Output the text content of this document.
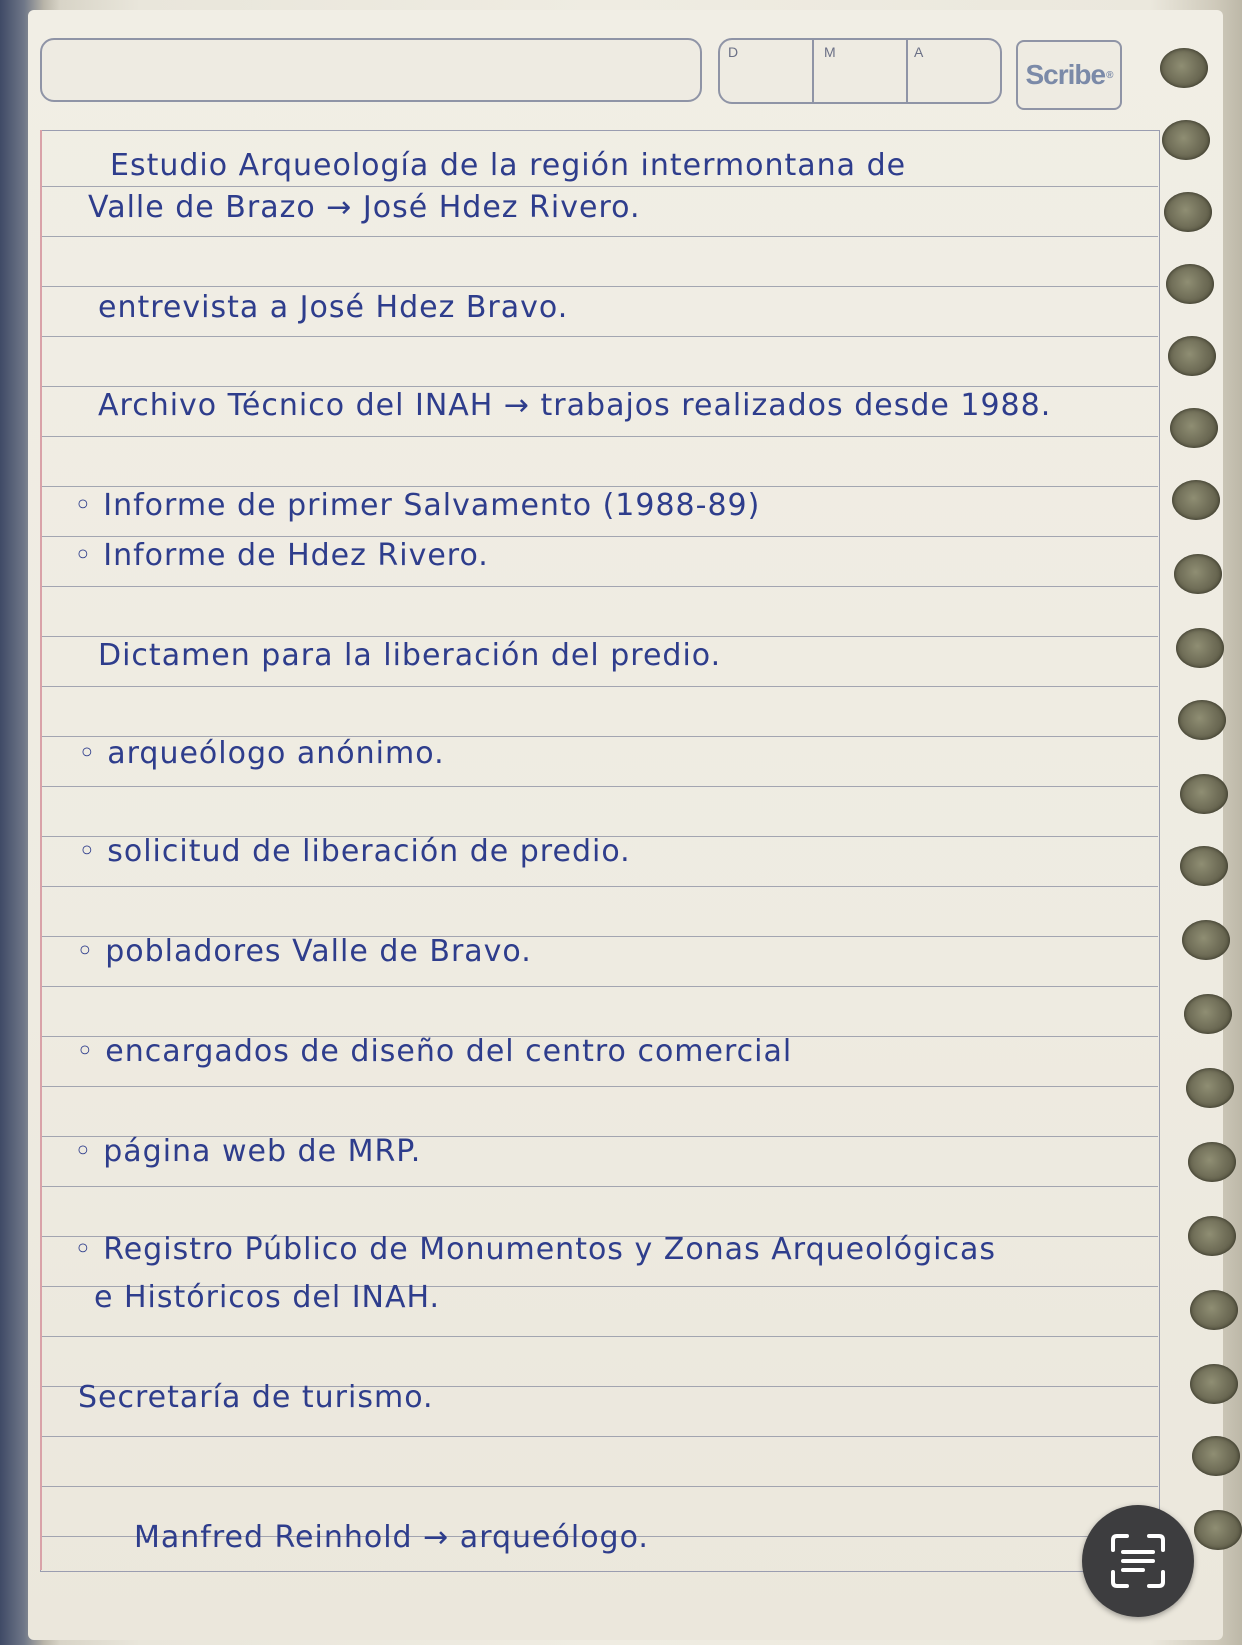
D	M	A
Scribe ®
Estudio Arqueología de la región intermontana de
Valle de Brazo → José Hdez Rivero.
entrevista a José Hdez Bravo.
Archivo Técnico del INAH → trabajos realizados desde 1988.
◦ Informe de primer Salvamento (1988-89)
◦ Informe de Hdez Rivero.
Dictamen para la liberación del predio.
◦ arqueólogo anónimo.
◦ solicitud de liberación de predio.
◦ pobladores Valle de Bravo.
◦ encargados de diseño del centro comercial
◦ página web de MRP.
◦ Registro Público de Monumentos y Zonas Arqueológicas
e Históricos del INAH.
Secretaría de turismo.
Manfred Reinhold → arqueólogo.
